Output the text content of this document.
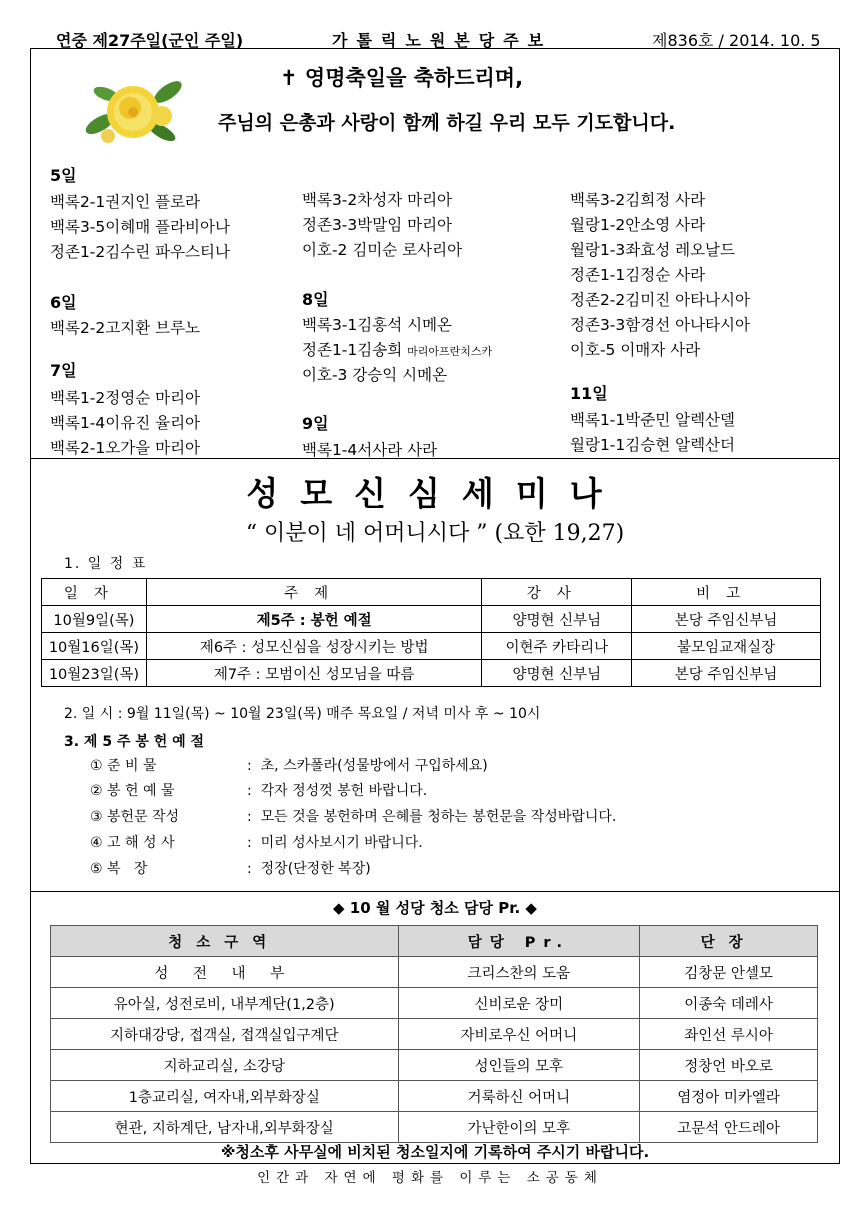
연중 제27주일(군인 주일)	가톨릭노원본당주보	제836호 / 2014. 10. 5
✝ 영명축일을 축하드리며,
주님의 은총과 사랑이 함께 하길 우리 모두 기도합니다.
5일
백록2-1권지인 플로라
백록3-5이혜매 플라비아나
정존1-2김수린 파우스티나
6일
백록2-2고지환 브루노
7일
백록1-2정영순 마리아
백록1-4이유진 율리아
백록2-1오가을 마리아
백록3-2차성자 마리아
정존3-3박말임 마리아
이호-2 김미순 로사리아
8일
백록3-1김홍석 시메온
정존1-1김송희 마리아프란치스카
이호-3 강승익 시메온
9일
백록1-4서사라 사라
백록3-2김희정 사라
월랑1-2안소영 사라
월랑1-3좌효성 레오날드
정존1-1김정순 사라
정존2-2김미진 아타나시아
정존3-3함경선 아나타시아
이호-5 이매자 사라
11일
백록1-1박준민 알렉산델
월랑1-1김승현 알렉산더
성모신심세미나
“ 이분이 네 어머니시다 ” (요한 19,27)
1. 일 정 표
일자	주제	강사	비고
10월9일(목)	제5주 : 봉헌 예절	양명현 신부님	본당 주임신부님
10월16일(목)	제6주 : 성모신심을 성장시키는 방법	이현주 카타리나	불모임교재실장
10월23일(목)	제7주 : 모범이신 성모님을 따름	양명현 신부님	본당 주임신부님
2. 일 시 : 9월 11일(목) ~ 10월 23일(목) 매주 목요일 / 저녁 미사 후 ~ 10시
3. 제 5 주 봉 헌 예 절
① 준 비 물	:  초, 스카폴라(성물방에서 구입하세요)
② 봉 헌 예 물	:  각자 정성껏 봉헌 바랍니다.
③ 봉헌문 작성	:  모든 것을 봉헌하며 은혜를 청하는 봉헌문을 작성바랍니다.
④ 고 해 성 사	:  미리 성사보시기 바랍니다.
⑤ 복   장	:  정장(단정한 복장)
◆ 10 월 성당 청소 담당 Pr. ◆
청소구역	담당 Pr.	단장
성 전 내 부	크리스찬의 도움	김창문 안셀모
유아실, 성전로비, 내부계단(1,2층)	신비로운 장미	이종숙 데레사
지하대강당, 접객실, 접객실입구계단	자비로우신 어머니	좌인선 루시아
지하교리실, 소강당	성인들의 모후	정창언 바오로
1층교리실, 여자내,외부화장실	거룩하신 어머니	염정아 미카엘라
현관, 지하계단, 남자내,외부화장실	가난한이의 모후	고문석 안드레아
※청소후 사무실에 비치된 청소일지에 기록하여 주시기 바랍니다.
인간과 자연에 평화를 이루는 소공동체
